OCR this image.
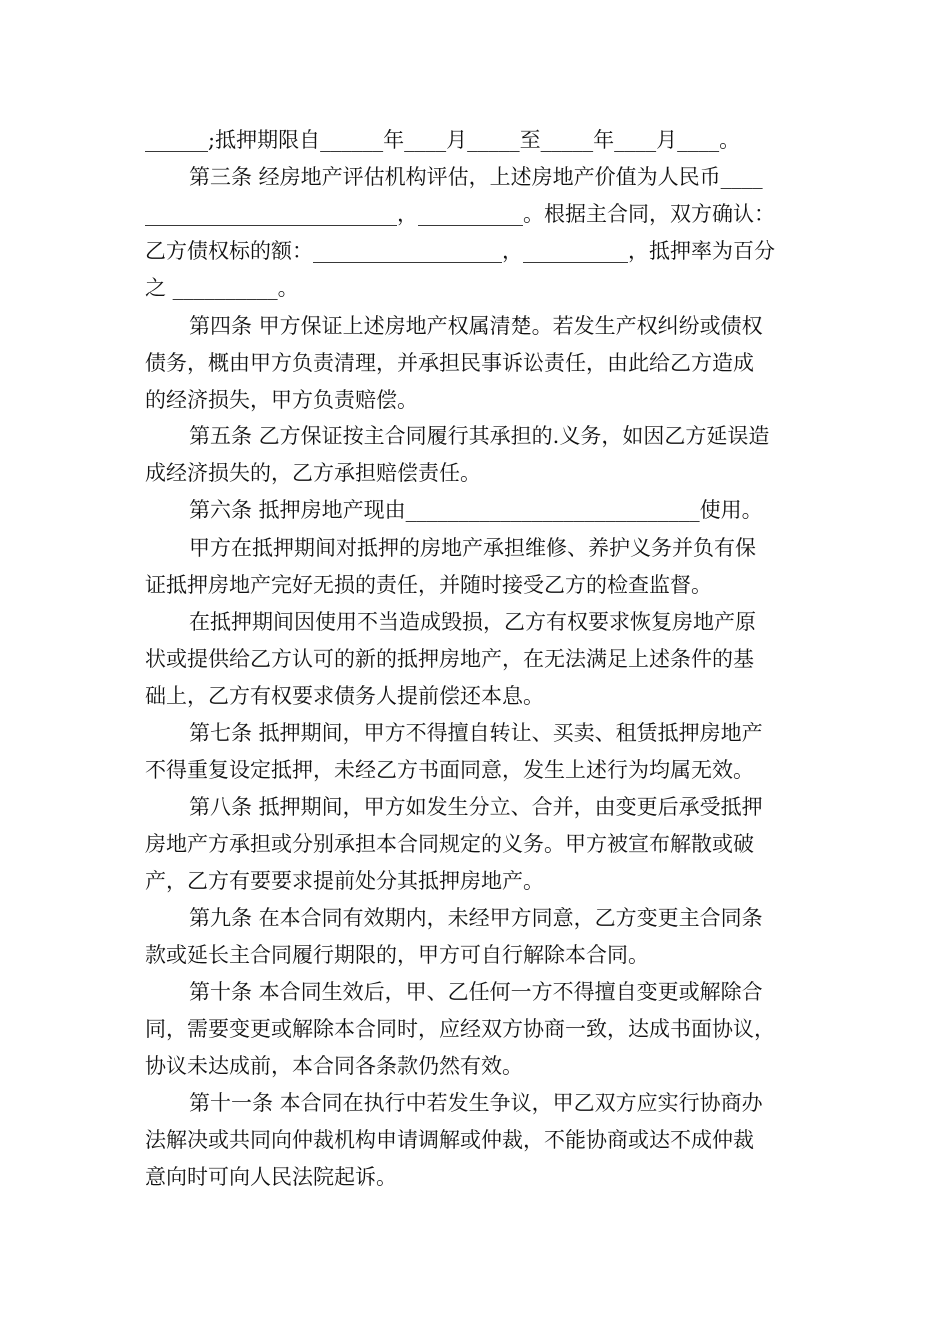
______;抵押期限自______年____月_____至_____年____月____。
第三条 经房地产评估机构评估，上述房地产价值为人民币____
________________________，__________。根据主合同，双方确认：
乙方债权标的额：__________________，__________，抵押率为百分
之 __________。
第四条 甲方保证上述房地产权属清楚。若发生产权纠纷或债权
债务，概由甲方负责清理，并承担民事诉讼责任，由此给乙方造成
的经济损失，甲方负责赔偿。
第五条 乙方保证按主合同履行其承担的.义务，如因乙方延误造
成经济损失的，乙方承担赔偿责任。
第六条 抵押房地产现由____________________________使用。
甲方在抵押期间对抵押的房地产承担维修、养护义务并负有保
证抵押房地产完好无损的责任，并随时接受乙方的检查监督。
在抵押期间因使用不当造成毁损，乙方有权要求恢复房地产原
状或提供给乙方认可的新的抵押房地产，在无法满足上述条件的基
础上，乙方有权要求债务人提前偿还本息。
第七条 抵押期间，甲方不得擅自转让、买卖、租赁抵押房地产
不得重复设定抵押，未经乙方书面同意，发生上述行为均属无效。
第八条 抵押期间，甲方如发生分立、合并，由变更后承受抵押
房地产方承担或分别承担本合同规定的义务。甲方被宣布解散或破
产，乙方有要要求提前处分其抵押房地产。
第九条 在本合同有效期内，未经甲方同意，乙方变更主合同条
款或延长主合同履行期限的，甲方可自行解除本合同。
第十条 本合同生效后，甲、乙任何一方不得擅自变更或解除合
同，需要变更或解除本合同时，应经双方协商一致，达成书面协议，
协议未达成前，本合同各条款仍然有效。
第十一条 本合同在执行中若发生争议，甲乙双方应实行协商办
法解决或共同向仲裁机构申请调解或仲裁，不能协商或达不成仲裁
意向时可向人民法院起诉。
